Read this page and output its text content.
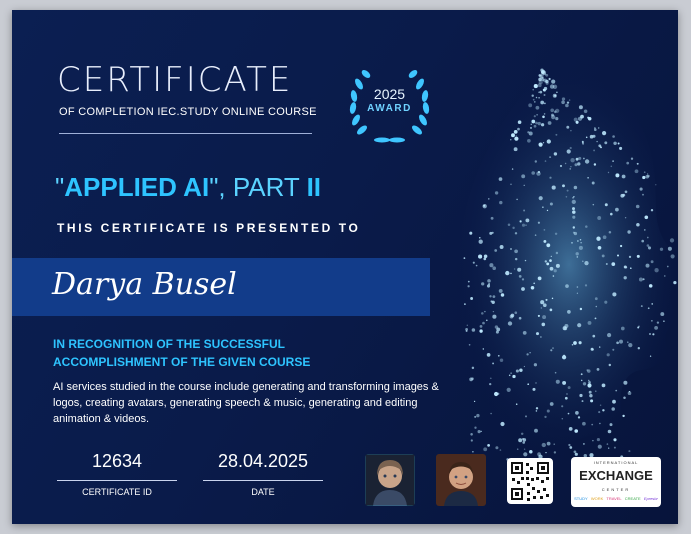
CERTIFICATE

OF COMPLETION IEC.STUDY ONLINE COURSE

2025
AWARD
"APPLIED AI", PART II
THIS CERTIFICATE IS PRESENTED TO
Darya Busel
IN RECOGNITION OF THE SUCCESSFUL
ACCOMPLISHMENT OF THE GIVEN COURSE
AI services studied in the course include generating and transforming images & logos, creating avatars, generating speech & music, generating and editing animation & videos.
12634
CERTIFICATE ID
28.04.2025
DATE
INTERNATIONAL
EXCHANGE
CENTER
STUDY WORK TRAVEL CREATE Epresbr
